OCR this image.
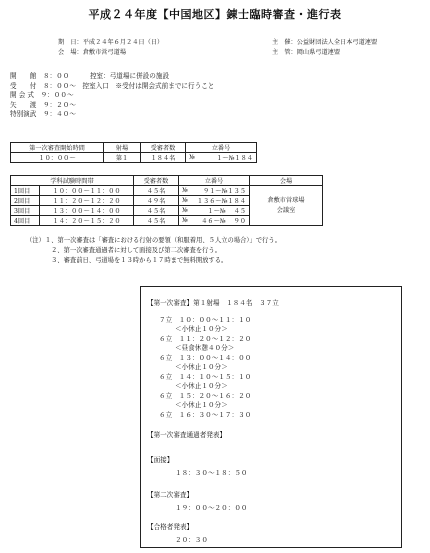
平成２４年度【中国地区】錬士臨時審査・進行表
期　日：平成２４年６月２４日（日）
会　場：倉敷市営弓道場
主　催：公益財団法人全日本弓道連盟
主　管：岡山県弓道連盟
開　　館　 ８：００　	控室：弓道場に併設の施設
受　　付　 ８：００〜　 控室入口　※受付は開会式前までに行うこと
開 会 式　 ９：００〜
矢　　渡　 ９：２０〜
特別演武　 ９：４０〜
第一次審査開始時間	射場	受審者数	立番号	
１０：００〜	第１	１８４名	№	１〜№１８４
学科試験時間帯		受審者数	立番号		会場
1回目	１０：００〜１１：００	４５名	№	９１〜№１３５	倉敷市営球場
会議室

2回目	１１：２０〜１２：２０	４９名	№	１３６〜№１８４	
3回目	１３：００〜１４：００	４５名	№	１〜№ ４５	
4回目	１４：２０〜１５：２０	４５名	№	４６〜№ ９０	
（注）１、第一次審査は「審査における行射の要領（和服着用、５人立の場合）」で行う。
２、第一次審査通過者に対して面接及び第二次審査を行う。
３、審査前日、弓道場を１３時から１７時まで無料開放する。
【第一次審査】第１射場　１８４名　３７立
７立　１０：００〜１１：１０
＜小休止１０分＞
６立　１１：２０〜１２：２０
＜昼食休憩４０分＞
６立　１３：００〜１４：００
＜小休止１０分＞
６立　１４：１０〜１５：１０
＜小休止１０分＞
６立　１５：２０〜１６：２０
＜小休止１０分＞
６立　１６：３０〜１７：３０
【第一次審査通過者発表】
【面接】
１８：３０〜１８：５０
【第二次審査】
１９：００〜２０：００
【合格者発表】
２０：３０
